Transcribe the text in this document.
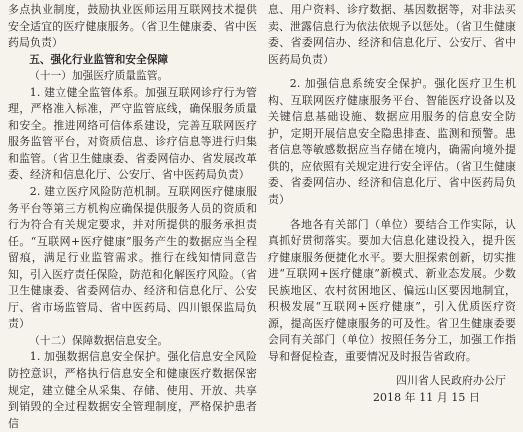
多点执业制度，鼓励执业医师运用互联网技术提供安全适宜的医疗健康服务。（省卫生健康委、省中医药局负责）

五、强化行业监管和安全保障

（十一）加强医疗质量监管。

1. 建立健全监管体系。加强互联网诊疗行为管理，严格准入标准，严守监管底线，确保服务质量和安全。推进网络可信体系建设，完善互联网医疗服务监管平台，对资质信息、诊疗信息等进行归集和监管。（省卫生健康委、省委网信办、省发展改革委、经济和信息化厅、公安厅、省中医药局负责）

2. 建立医疗风险防范机制。互联网医疗健康服务平台等第三方机构应确保提供服务人员的资质和行为符合有关规定要求，并对所提供的服务承担责任。“互联网+医疗健康”服务产生的数据应当全程留痕，满足行业监管需求。推行在线知情同意告知，引入医疗责任保险，防范和化解医疗风险。（省卫生健康委、省委网信办、经济和信息化厅、公安厅、省市场监管局、省中医药局、四川银保监局负责）

（十二）保障数据信息安全。

1. 加强数据信息安全保护。强化信息安全风险防控意识，严格执行信息安全和健康医疗数据保密规定，建立健全从采集、存储、使用、开放、共享到销毁的全过程数据安全管理制度，严格保护患者信

息、用户资料、诊疗数据、基因数据等，对非法买卖、泄露信息行为依法依规予以惩处。（省卫生健康委、省委网信办、经济和信息化厅、公安厅、省中医药局负责）

2. 加强信息系统安全保护。强化医疗卫生机构、互联网医疗健康服务平台、智能医疗设备以及关键信息基础设施、数据应用服务的信息安全防护，定期开展信息安全隐患排查、监测和预警。患者信息等敏感数据应当存储在境内，确需向境外提供的，应依照有关规定进行安全评估。（省卫生健康委、省委网信办、经济和信息化厅、省中医药局负责）

各地各有关部门（单位）要结合工作实际，认真抓好贯彻落实。要加大信息化建设投入，提升医疗健康服务便捷化水平。要大胆探索创新，切实推进“互联网+医疗健康”新模式、新业态发展。少数民族地区、农村贫困地区、偏远山区要因地制宜，积极发展“互联网+医疗健康”，引入优质医疗资源，提高医疗健康服务的可及性。省卫生健康委要会同有关部门（单位）按照任务分工，加强工作指导和督促检查，重要情况及时报告省政府。

四川省人民政府办公厅

2018 年 11 月 15 日
